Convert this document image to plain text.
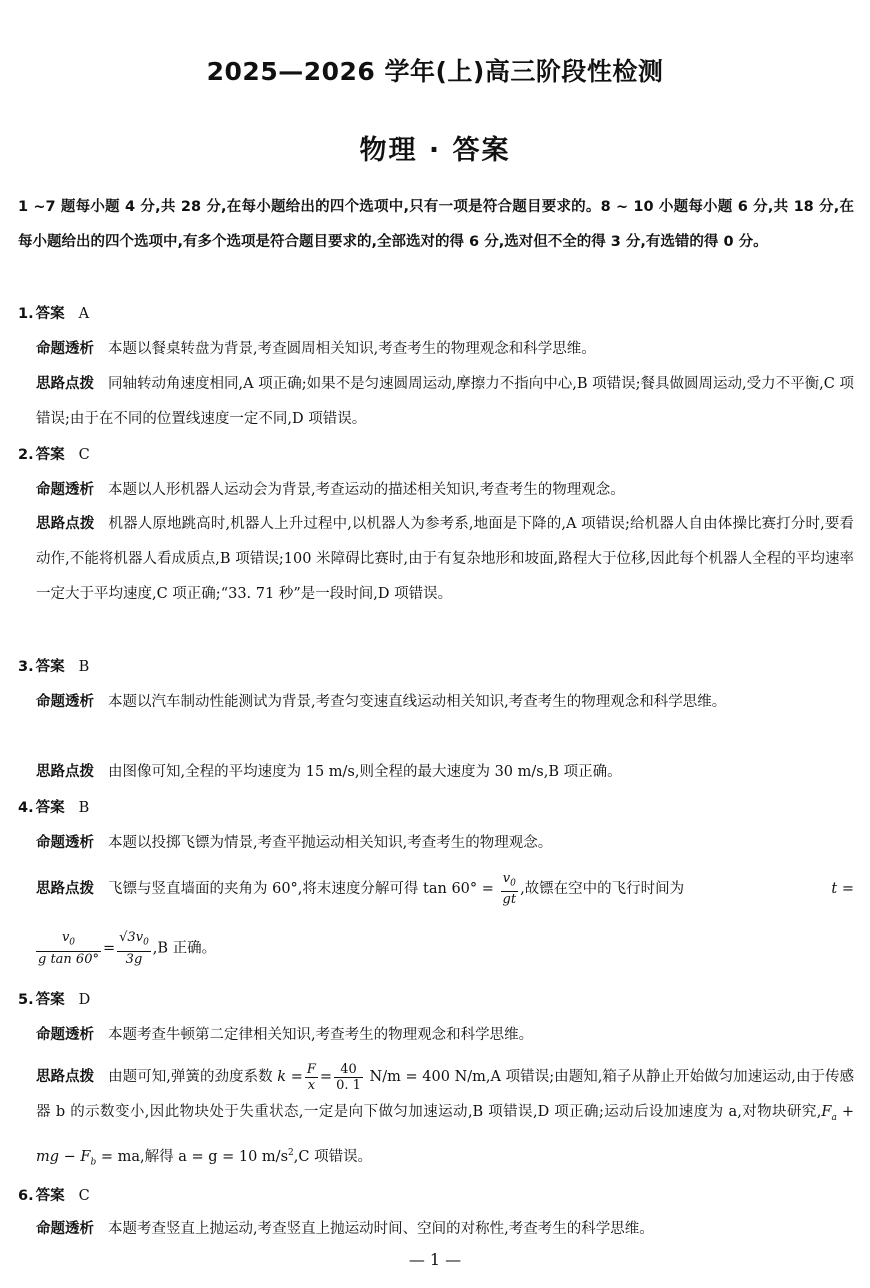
2025—2026 学年(上)高三阶段性检测
物理 · 答案
1 ~7 题每小题 4 分,共 28 分,在每小题给出的四个选项中,只有一项是符合题目要求的。8 ~ 10 小题每小题 6 分,共 18 分,在每小题给出的四个选项中,有多个选项是符合题目要求的,全部选对的得 6 分,选对但不全的得 3 分,有选错的得 0 分。
1. 答案 A
命题透析 本题以餐桌转盘为背景,考查圆周相关知识,考查考生的物理观念和科学思维。
思路点拨 同轴转动角速度相同,A 项正确;如果不是匀速圆周运动,摩擦力不指向中心,B 项错误;餐具做圆周运动,受力不平衡,C 项错误;由于在不同的位置线速度一定不同,D 项错误。
2. 答案 C
命题透析 本题以人形机器人运动会为背景,考查运动的描述相关知识,考查考生的物理观念。
思路点拨 机器人原地跳高时,机器人上升过程中,以机器人为参考系,地面是下降的,A 项错误;给机器人自由体操比赛打分时,要看动作,不能将机器人看成质点,B 项错误;100 米障碍比赛时,由于有复杂地形和坡面,路程大于位移,因此每个机器人全程的平均速率一定大于平均速度,C 项正确;“33. 71 秒”是一段时间,D 项错误。
3. 答案 B
命题透析 本题以汽车制动性能测试为背景,考查匀变速直线运动相关知识,考查考生的物理观念和科学思维。
思路点拨 由图像可知,全程的平均速度为 15 m/s,则全程的最大速度为 30 m/s,B 项正确。
4. 答案 B
命题透析 本题以投掷飞镖为情景,考查平抛运动相关知识,考查考生的物理观念。
思路点拨 飞镖与竖直墙面的夹角为 60°,将末速度分解可得 $\tan 60^\circ = \frac{v_0}{gt}$ ,故镖在空中的飞行时间为	t =
$\frac{v_0}{\text{g tan 60°}} = \frac{√3v_0}{3g} ,B$ 正确。
5. 答案 D
命题透析 本题考查牛顿第二定律相关知识,考查考生的物理观念和科学思维。
思路点拨 由题可知,弹簧的劲度系数 $k = \frac{F}{x} = \frac{40}{0. 1} N/m = 400$ N/m,A 项错误;由题知,箱子从静止开始做匀加速运动,由于传感器 b 的示数变小,因此物块处于失重状态,一定是向下做匀加速运动,B 项错误,D 项正确;运动后设加速度为 a,对物块研究$,F_a$ + mg − $F_b$ = ma,解得 a = g = 10 $m/s^2,C$ 项错误。
6. 答案 C
命题透析 本题考查竖直上抛运动,考查竖直上抛运动时间、空间的对称性,考查考生的科学思维。
— 1 —
